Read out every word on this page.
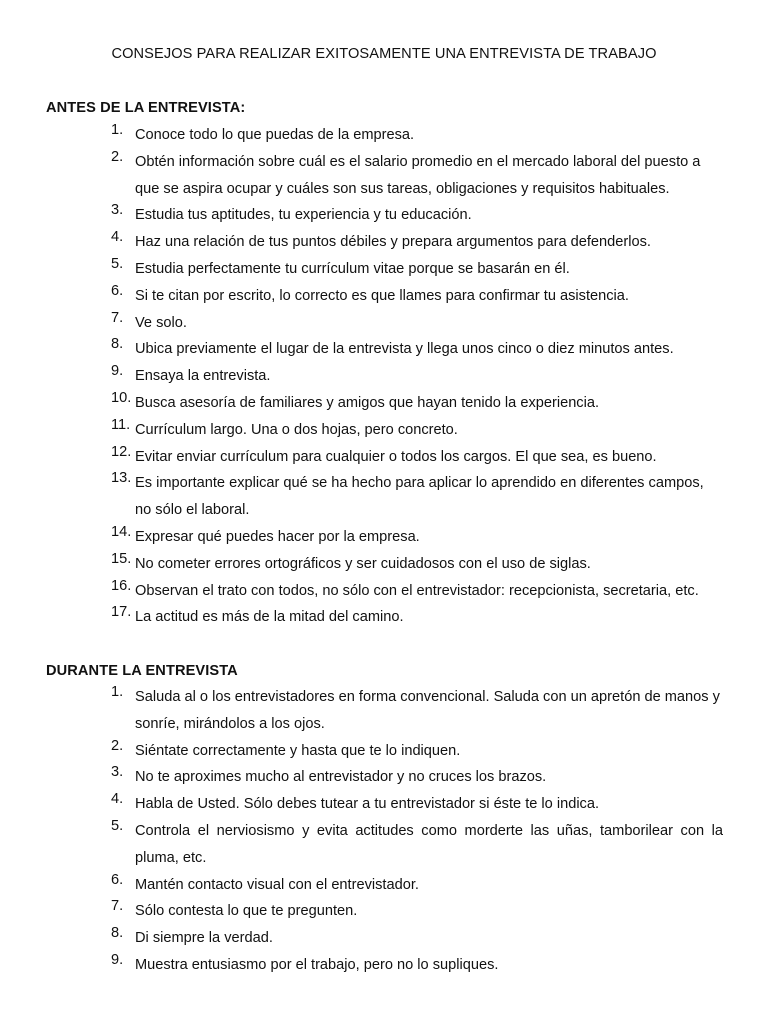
CONSEJOS PARA REALIZAR EXITOSAMENTE UNA ENTREVISTA DE TRABAJO
ANTES DE LA ENTREVISTA:
1. Conoce todo lo que puedas de la empresa.
2. Obtén información sobre cuál es el salario promedio en el mercado laboral del puesto a que se aspira ocupar y cuáles son sus tareas, obligaciones y requisitos habituales.
3. Estudia tus aptitudes, tu experiencia y tu educación.
4. Haz una relación de tus puntos débiles y prepara argumentos para defenderlos.
5. Estudia perfectamente tu currículum vitae porque se basarán en él.
6. Si te citan por escrito, lo correcto es que llames para confirmar tu asistencia.
7. Ve solo.
8. Ubica previamente el lugar de la entrevista y llega unos cinco o diez minutos antes.
9. Ensaya la entrevista.
10. Busca asesoría de familiares y amigos que hayan tenido la experiencia.
11. Currículum largo. Una o dos hojas, pero concreto.
12. Evitar enviar currículum para cualquier o todos los cargos. El que sea, es bueno.
13. Es importante explicar qué se ha hecho para aplicar lo aprendido en diferentes campos, no sólo el laboral.
14. Expresar qué puedes hacer por la empresa.
15. No cometer errores ortográficos y ser cuidadosos con el uso de siglas.
16. Observan el trato con todos, no sólo con el entrevistador: recepcionista, secretaria, etc.
17. La actitud es más de la mitad del camino.
DURANTE LA ENTREVISTA
1. Saluda al o los entrevistadores en forma convencional. Saluda con un apretón de manos y sonríe, mirándolos a los ojos.
2. Siéntate correctamente y hasta que te lo indiquen.
3. No te aproximes mucho al entrevistador y no cruces los brazos.
4. Habla de Usted. Sólo debes tutear a tu entrevistador si éste te lo indica.
5. Controla el nerviosismo y evita actitudes como morderte las uñas, tamborilear con la pluma, etc.
6. Mantén contacto visual con el entrevistador.
7. Sólo contesta lo que te pregunten.
8. Di siempre la verdad.
9. Muestra entusiasmo por el trabajo, pero no lo supliques.
